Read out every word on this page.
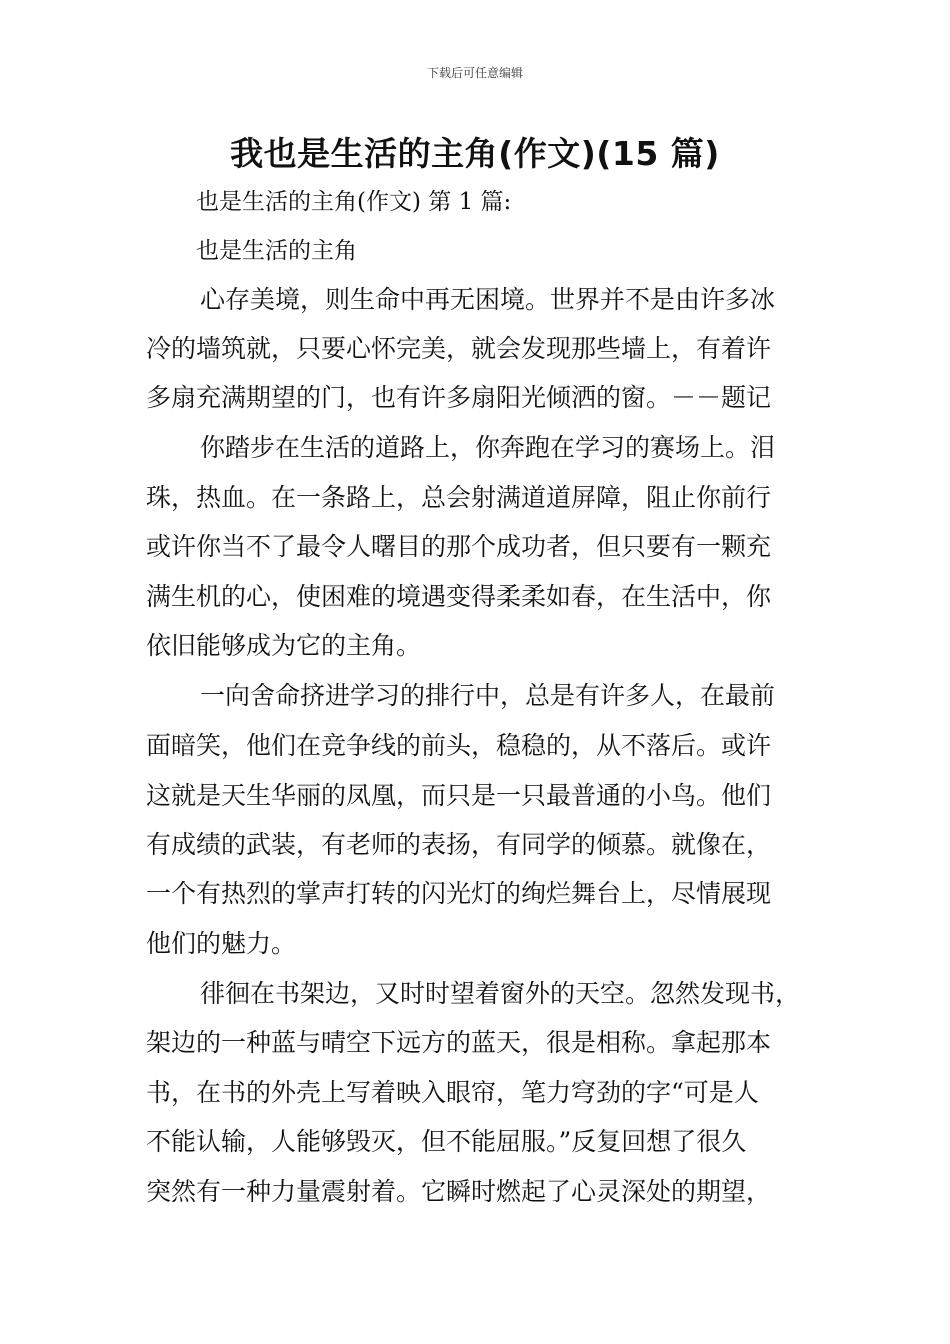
下载后可任意编辑
我也是生活的主角(作文)(15 篇)
也是生活的主角(作文) 第 1 篇:
也是生活的主角
心存美境，则生命中再无困境。世界并不是由许多冰
冷的墙筑就，只要心怀完美，就会发现那些墙上，有着许
多扇充满期望的门，也有许多扇阳光倾洒的窗。－－题记
你踏步在生活的道路上，你奔跑在学习的赛场上。泪
珠，热血。在一条路上，总会射满道道屏障，阻止你前行
或许你当不了最令人曙目的那个成功者，但只要有一颗充
满生机的心，使困难的境遇变得柔柔如春，在生活中，你
依旧能够成为它的主角。
一向舍命挤进学习的排行中，总是有许多人，在最前
面暗笑，他们在竞争线的前头，稳稳的，从不落后。或许
这就是天生华丽的凤凰，而只是一只最普通的小鸟。他们
有成绩的武装，有老师的表扬，有同学的倾慕。就像在，
一个有热烈的掌声打转的闪光灯的绚烂舞台上，尽情展现
他们的魅力。
徘徊在书架边，又时时望着窗外的天空。忽然发现书，
架边的一种蓝与晴空下远方的蓝天，很是相称。拿起那本
书，在书的外壳上写着映入眼帘，笔力穹劲的字“可是人
不能认输，人能够毁灭，但不能屈服。”反复回想了很久
突然有一种力量震射着。它瞬时燃起了心灵深处的期望，
